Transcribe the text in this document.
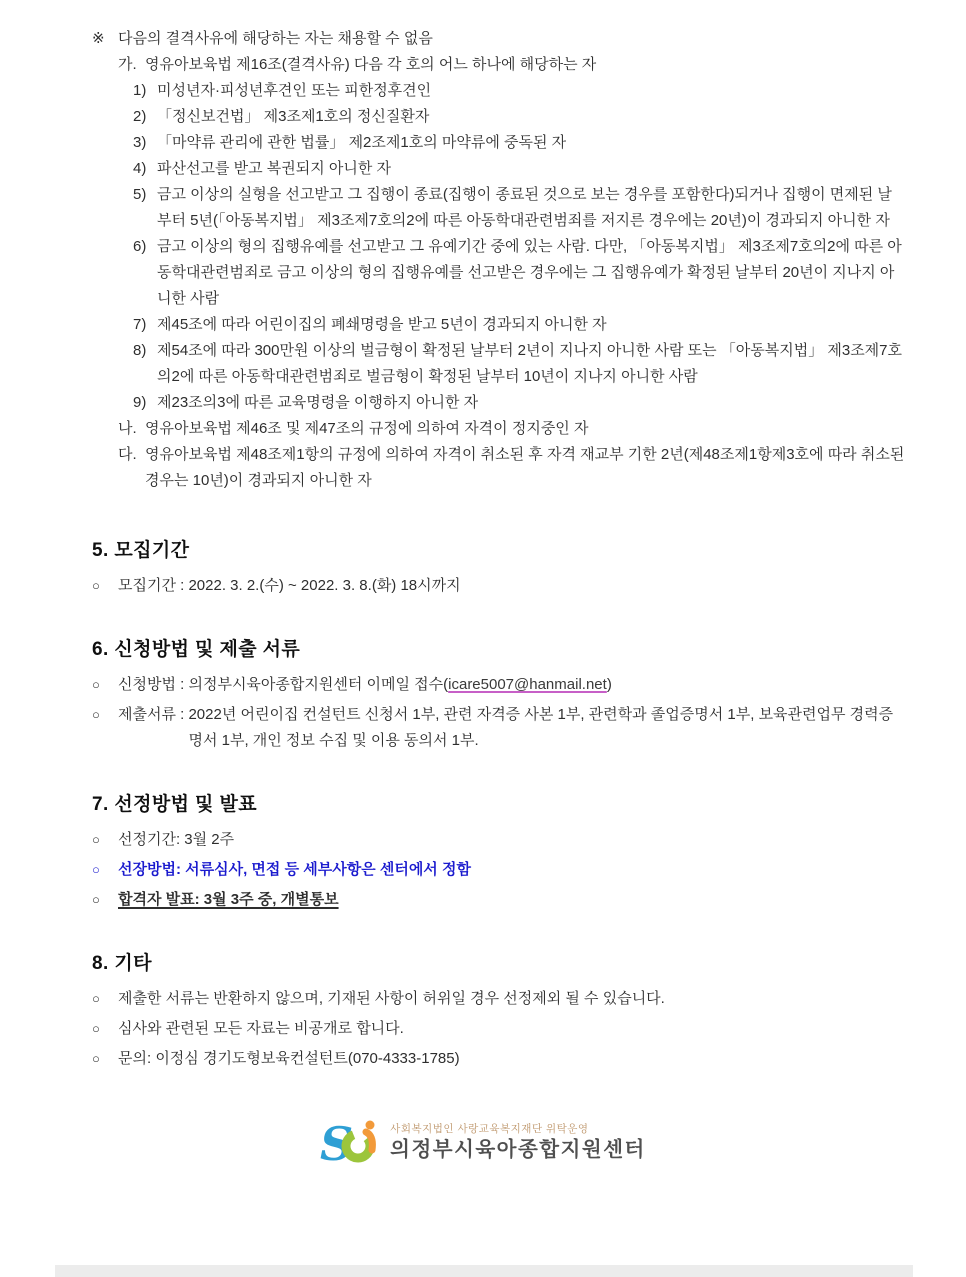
※ 다음의 결격사유에 해당하는 자는 채용할 수 없음
가. 영유아보육법 제16조(결격사유) 다음 각 호의 어느 하나에 해당하는 자
1) 미성년자·피성년후견인 또는 피한정후견인
2) 「정신보건법」 제3조제1호의 정신질환자
3) 「마약류 관리에 관한 법률」 제2조제1호의 마약류에 중독된 자
4) 파산선고를 받고 복권되지 아니한 자
5) 금고 이상의 실형을 선고받고 그 집행이 종료(집행이 종료된 것으로 보는 경우를 포함한다)되거나 집행이 면제된 날부터 5년(「아동복지법」 제3조제7호의2에 따른 아동학대관련범죄를 저지른 경우에는 20년)이 경과되지 아니한 자
6) 금고 이상의 형의 집행유예를 선고받고 그 유예기간 중에 있는 사람. 다만, 「아동복지법」 제3조제7호의2에 따른 아동학대관련범죄로 금고 이상의 형의 집행유예를 선고받은 경우에는 그 집행유예가 확정된 날부터 20년이 지나지 아니한 사람
7) 제45조에 따라 어린이집의 폐쇄명령을 받고 5년이 경과되지 아니한 자
8) 제54조에 따라 300만원 이상의 벌금형이 확정된 날부터 2년이 지나지 아니한 사람 또는 「아동복지법」 제3조제7호의2에 따른 아동학대관련범죄로 벌금형이 확정된 날부터 10년이 지나지 아니한 사람
9) 제23조의3에 따른 교육명령을 이행하지 아니한 자
나. 영유아보육법 제46조 및 제47조의 규정에 의하여 자격이 정지중인 자
다. 영유아보육법 제48조제1항의 규정에 의하여 자격이 취소된 후 자격 재교부 기한 2년(제48조제1항제3호에 따라 취소된 경우는 10년)이 경과되지 아니한 자
5. 모집기간
○	모집기간 : 2022. 3. 2.(수) ~ 2022. 3. 8.(화) 18시까지
6. 신청방법 및 제출 서류
○	신청방법 : 의정부시육아종합지원센터 이메일 접수(icare5007@hanmail.net)
○	제출서류 : 2022년 어린이집 컨설턴트 신청서 1부, 관련 자격증 사본 1부, 관련학과 졸업증명서 1부, 보육관련업무 경력증명서 1부, 개인 정보 수집 및 이용 동의서 1부.
7. 선정방법 및 발표
○	선정기간: 3월 2주
○	선장방법: 서류심사, 면접 등 세부사항은 센터에서 정함
○	합격자 발표: 3월 3주 중, 개별통보
8. 기타
○	제출한 서류는 반환하지 않으며, 기재된 사항이 허위일 경우 선정제외 될 수 있습니다.
○	심사와 관련된 모든 자료는 비공개로 합니다.
○	문의: 이정심 경기도형보육컨설턴트(070-4333-1785)
S	사회복지법인 사랑교육복지재단 위탁운영
의정부시육아종합지원센터
